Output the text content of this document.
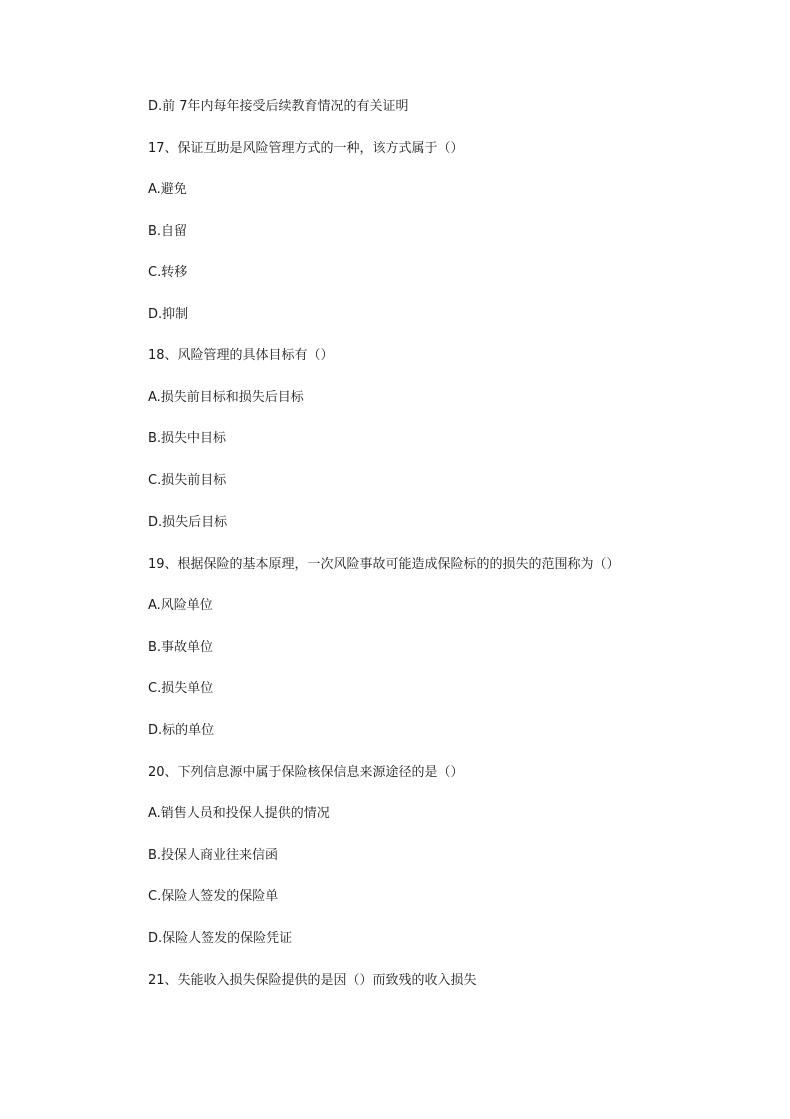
D.前 7年内每年接受后续教育情况的有关证明
17、保证互助是风险管理方式的一种，该方式属于（）
A.避免
B.自留
C.转移
D.抑制
18、风险管理的具体目标有（）
A.损失前目标和损失后目标
B.损失中目标
C.损失前目标
D.损失后目标
19、根据保险的基本原理，一次风险事故可能造成保险标的的损失的范围称为（）
A.风险单位
B.事故单位
C.损失单位
D.标的单位
20、下列信息源中属于保险核保信息来源途径的是（）
A.销售人员和投保人提供的情况
B.投保人商业往来信函
C.保险人签发的保险单
D.保险人签发的保险凭证
21、失能收入损失保险提供的是因（）而致残的收入损失
